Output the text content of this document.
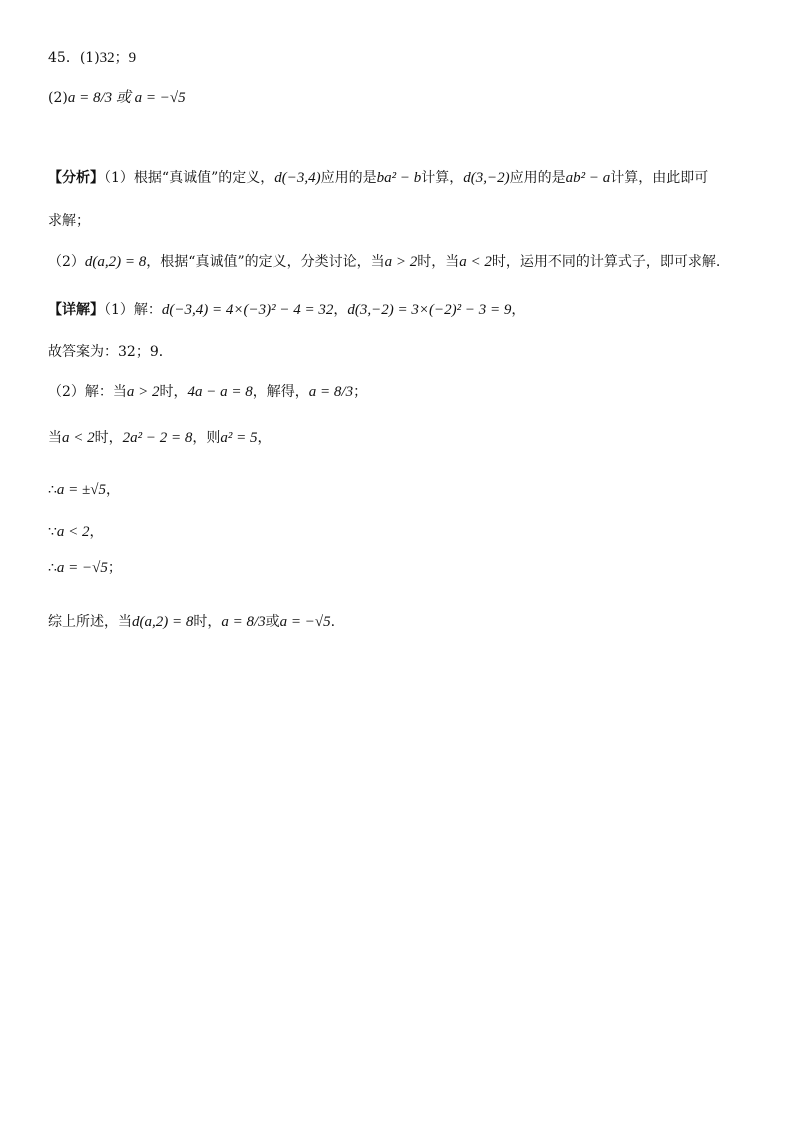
45．(1)32；9
(2)a = 8/3 或 a = −√5
【分析】（1）根据“真诚值”的定义，d(−3,4)应用的是ba² − b计算，d(3,−2)应用的是ab² − a计算，由此即可
求解；
（2）d(a,2) = 8，根据“真诚值”的定义，分类讨论，当a > 2时，当a < 2时，运用不同的计算式子，即可求解.
【详解】（1）解：d(−3,4) = 4×(−3)² − 4 = 32，d(3,−2) = 3×(−2)² − 3 = 9，
故答案为：32；9．
（2）解：当a > 2时，4a − a = 8，解得，a = 8/3；
当a < 2时，2a² − 2 = 8，则a² = 5，
∴a = ±√5，
∵a < 2，
∴a = −√5；
综上所述，当d(a,2) = 8时，a = 8/3或a = −√5.
